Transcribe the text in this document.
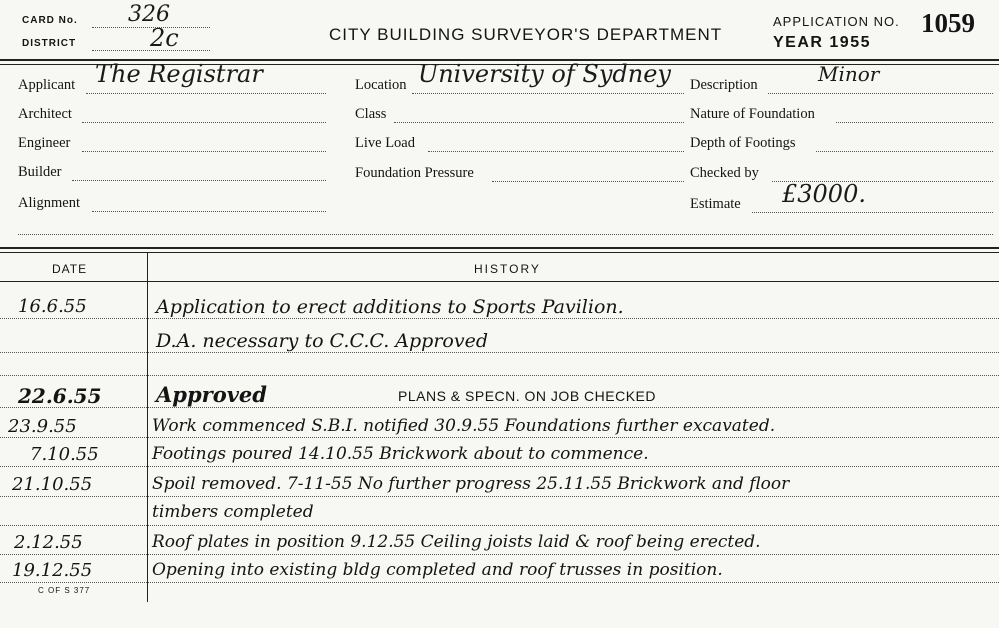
CARD No. 326
DISTRICT	2c	CITY BUILDING SURVEYOR'S DEPARTMENT
APPLICATION NO. 1059
YEAR 1955
Applicant The Registrar
Architect
Engineer
Builder
Alignment
Location University of Sydney
Class
Live Load
Foundation Pressure
Description	Minor
Nature of Foundation
Depth of Footings
Checked by
Estimate £3000.
DATE	HISTORY
16.6.55	Application to erect additions to Sports Pavilion.
D.A. necessary to C.C.C. Approved
22.6.55	Approved	PLANS & SPECN. ON JOB CHECKED
23.9.55	Work commenced S.B.I. notified 30.9.55 Foundations further excavated.
7.10.55	Footings poured 14.10.55 Brickwork about to commence.
21.10.55	Spoil removed. 7-11-55 No further progress 25.11.55 Brickwork and floor
timbers completed
2.12.55	Roof plates in position 9.12.55 Ceiling joists laid & roof being erected.
19.12.55	Opening into existing bldg completed and roof trusses in position.
C OF S 377
